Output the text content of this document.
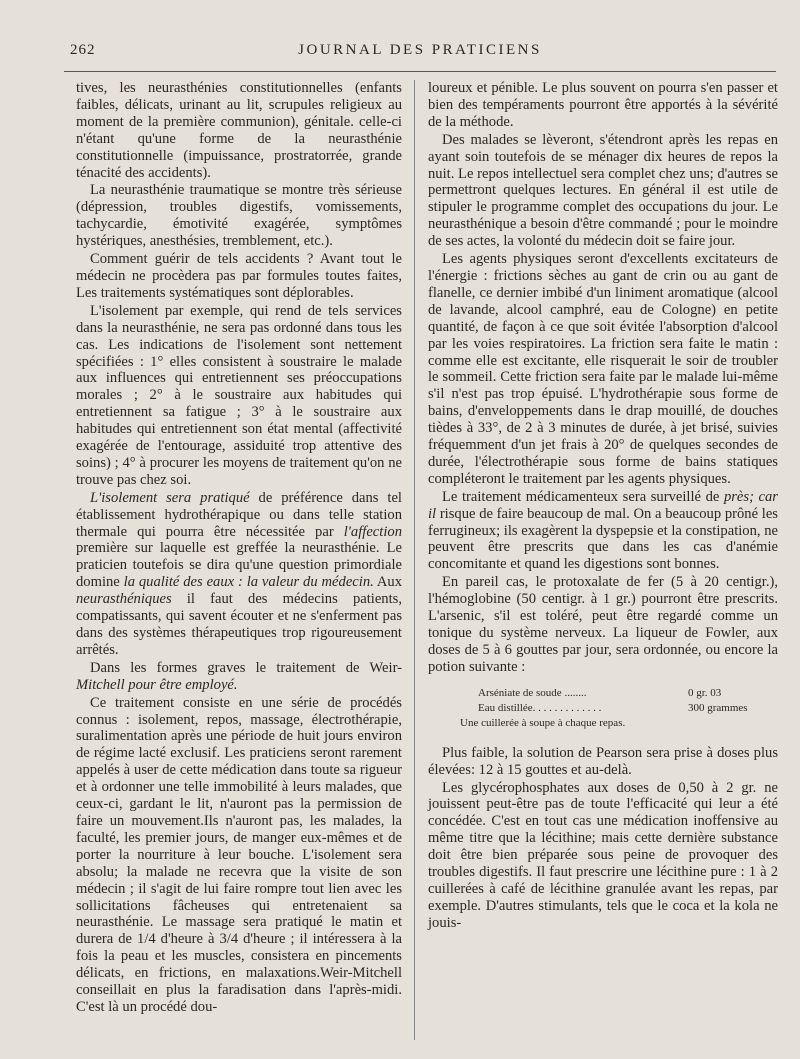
262	JOURNAL DES PRATICIENS

tives, les neurasthénies constitutionnelles (enfants faibles, délicats, urinant au lit, scrupules religieux au moment de la première communion), génitale. celle-ci n'étant qu'une forme de la neurasthénie constitutionnelle (impuissance, prostratorrée, grande ténacité des accidents).

La neurasthénie traumatique se montre très sérieuse (dépression, troubles digestifs, vomissements, tachycardie, émotivité exagérée, symptômes hystériques, anesthésies, tremblement, etc.).

Comment guérir de tels accidents ? Avant tout le médecin ne procèdera pas par formules toutes faites, Les traitements systématiques sont déplorables.

L'isolement par exemple, qui rend de tels services dans la neurasthénie, ne sera pas ordonné dans tous les cas. Les indications de l'isolement sont nettement spécifiées : 1° elles consistent à soustraire le malade aux influences qui entretiennent ses préoccupations morales ; 2° à le soustraire aux habitudes qui entretiennent sa fatigue ; 3° à le soustraire aux habitudes qui entretiennent son état mental (affectivité exagérée de l'entourage, assiduité trop attentive des soins) ; 4° à procurer les moyens de traitement qu'on ne trouve pas chez soi.

L'isolement sera pratiqué de préférence dans tel établissement hydrothérapique ou dans telle station thermale qui pourra être nécessitée par l'affection première sur laquelle est greffée la neurasthénie. Le praticien toutefois se dira qu'une question primordiale domine la qualité des eaux : la valeur du médecin. Aux neurasthéniques il faut des médecins patients, compatissants, qui savent écouter et ne s'enferment pas dans des systèmes thérapeutiques trop rigoureusement arrêtés.

Dans les formes graves le traitement de Weir-Mitchell pour être employé.

Ce traitement consiste en une série de procédés connus : isolement, repos, massage, électrothérapie, suralimentation après une période de huit jours environ de régime lacté exclusif. Les praticiens seront rarement appelés à user de cette médication dans toute sa rigueur et à ordonner une telle immobilité à leurs malades, que ceux-ci, gardant le lit, n'auront pas la permission de faire un mouvement.Ils n'auront pas, les malades, la faculté, les premier jours, de manger eux-mêmes et de porter la nourriture à leur bouche. L'isolement sera absolu; la malade ne recevra que la visite de son médecin ; il s'agit de lui faire rompre tout lien avec les sollicitations fâcheuses qui entretenaient sa neurasthénie. Le massage sera pratiqué le matin et durera de 1/4 d'heure à 3/4 d'heure ; il intéressera à la fois la peau et les muscles, consistera en pincements délicats, en frictions, en malaxations.Weir-Mitchell conseillait en plus la faradisation dans l'après-midi. C'est là un procédé dou-

loureux et pénible. Le plus souvent on pourra s'en passer et bien des tempéraments pourront être apportés à la sévérité de la méthode.

Des malades se lèveront, s'étendront après les repas en ayant soin toutefois de se ménager dix heures de repos la nuit. Le repos intellectuel sera complet chez uns; d'autres se permettront quelques lectures. En général il est utile de stipuler le programme complet des occupations du jour. Le neurasthénique a besoin d'être commandé ; pour le moindre de ses actes, la volonté du médecin doit se faire jour.

Les agents physiques seront d'excellents excitateurs de l'énergie : frictions sèches au gant de crin ou au gant de flanelle, ce dernier imbibé d'un liniment aromatique (alcool de lavande, alcool camphré, eau de Cologne) en petite quantité, de façon à ce que soit évitée l'absorption d'alcool par les voies respiratoires. La friction sera faite le matin : comme elle est excitante, elle risquerait le soir de troubler le sommeil. Cette friction sera faite par le malade lui-même s'il n'est pas trop épuisé. L'hydrothérapie sous forme de bains, d'enveloppements dans le drap mouillé, de douches tièdes à 33°, de 2 à 3 minutes de durée, à jet brisé, suivies fréquemment d'un jet frais à 20° de quelques secondes de durée, l'électrothérapie sous forme de bains statiques compléteront le traitement par les agents physiques.

Le traitement médicamenteux sera surveillé de près; car il risque de faire beaucoup de mal. On a beaucoup prôné les ferrugineux; ils exagèrent la dyspepsie et la constipation, ne peuvent être prescrits que dans les cas d'anémie concomitante et quand les digestions sont bonnes.

En pareil cas, le protoxalate de fer (5 à 20 centigr.), l'hémoglobine (50 centigr. à 1 gr.) pourront être prescrits. L'arsenic, s'il est toléré, peut être regardé comme un tonique du système nerveux. La liqueur de Fowler, aux doses de 5 à 6 gouttes par jour, sera ordonnée, ou encore la potion suivante :

Arséniate de soude ........	0 gr. 03
Eau distillée. . . . . . . . . . . . .	300 grammes
Une cuillerée à soupe à chaque repas.

Plus faible, la solution de Pearson sera prise à doses plus élevées: 12 à 15 gouttes et au-delà.

Les glycérophosphates aux doses de 0,50 à 2 gr. ne jouissent peut-être pas de toute l'efficacité qui leur a été concédée. C'est en tout cas une médication inoffensive au même titre que la lécithine; mais cette dernière substance doit être bien préparée sous peine de provoquer des troubles digestifs. Il faut prescrire une lécithine pure : 1 à 2 cuillerées à café de lécithine granulée avant les repas, par exemple. D'autres stimulants, tels que le coca et la kola ne jouis-
